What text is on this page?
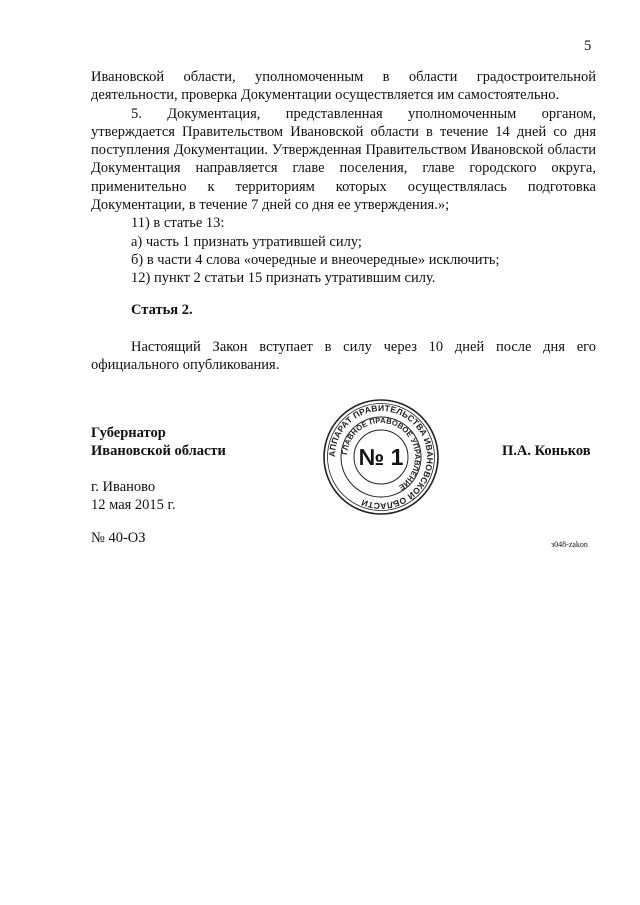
5

Ивановской области, уполномоченным в области градостроительной деятельности, проверка Документации осуществляется им самостоятельно.

5. Документация, представленная уполномоченным органом, утверждается Правительством Ивановской области в течение 14 дней со дня поступления Документации. Утвержденная Правительством Ивановской области Документация направляется главе поселения, главе городского округа, применительно к территориям которых осуществлялась подготовка Документации, в течение 7 дней со дня ее утверждения.»;

11) в статье 13:

а) часть 1 признать утратившей силу;

б) в части 4 слова «очередные и внеочередные» исключить;

12) пункт 2 статьи 15 признать утратившим силу.

Статья 2.

Настоящий Закон вступает в силу через 10 дней после дня его официального опубликования.

Губернатор
Ивановской области	АППАРАТ ПРАВИТЕЛЬСТВА ИВАНОВСКОЙ ОБЛАСТИ
ГЛАВНОЕ ПРАВОВОЕ УПРАВЛЕНИЕ
№ 1	П.А. Коньков
г. Иваново
12 мая 2015 г.
№ 40-ОЗ	з048-zakon
